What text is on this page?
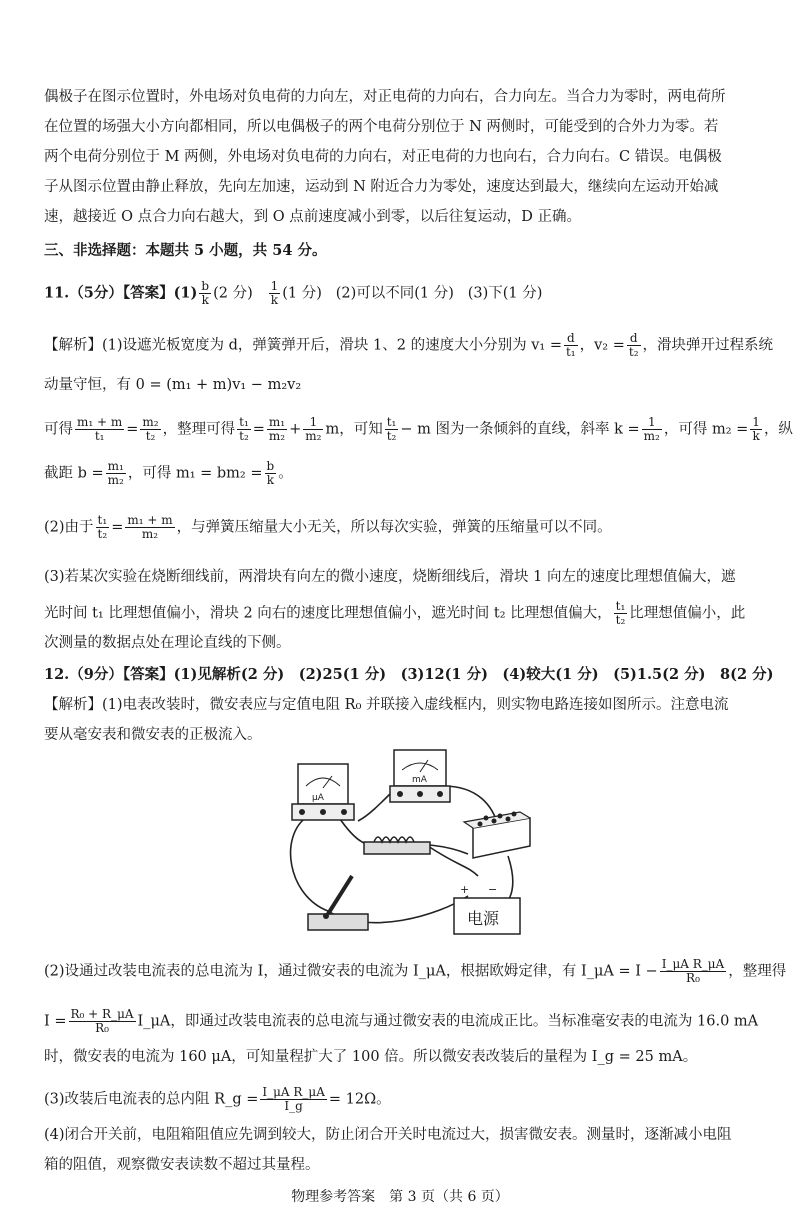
偶极子在图示位置时，外电场对负电荷的力向左，对正电荷的力向右，合力向左。当合力为零时，两电荷所
在位置的场强大小方向都相同，所以电偶极子的两个电荷分别位于 N 两侧时，可能受到的合外力为零。若
两个电荷分别位于 M 两侧，外电场对负电荷的力向右，对正电荷的力也向右，合力向右。C 错误。电偶极
子从图示位置由静止释放，先向左加速，运动到 N 附近合力为零处，速度达到最大，继续向左运动开始减
速，越接近 O 点合力向右越大，到 O 点前速度减小到零，以后往复运动，D 正确。
三、非选择题：本题共 5 小题，共 54 分。
11.（5分）【答案】$(1) \frac{b}{k} (2$ 分) $\frac{1}{k} (1$ 分) (2)可以不同(1 分) (3)下(1 分)
【解析】(1)设遮光板宽度为 d，弹簧弹开后，滑块 1、2 的速度大小分别为 $v_1 = \frac{d}{\text{t₁}}$ ，$v_2 = \frac{d}{\text{t₂}}$ ，滑块弹开过程系统
动量守恒，有 0 = (m₁ + m)v₁ − m₂v₂
可得 $\frac{\text{m₁ + m}}{\text{t₁}} = \frac{\text{m₂}}{\text{t₂}}$ ，整理可得 $\frac{\text{t₁}}{\text{t₂}} = \frac{\text{m₁}}{\text{m₂}} + \frac{1}{\text{m₂}}$ m，可知 $\frac{\text{t₁}}{\text{t₂}} - m$ 图为一条倾斜的直线，斜率 $k = \frac{1}{\text{m₂}}$ ，可得 $m_2 = \frac{1}{k}$ ，纵
截距 $b = \frac{\text{m₁}}{\text{m₂}}$ ，可得 $m_1 = bm_2 = \frac{b}{k}$ 。
(2)由于 $\frac{\text{t₁}}{\text{t₂}} = \frac{\text{m₁ + m}}{\text{m₂}}$ ，与弹簧压缩量大小无关，所以每次实验，弹簧的压缩量可以不同。
(3)若某次实验在烧断细线前，两滑块有向左的微小速度，烧断细线后，滑块 1 向左的速度比理想值偏大，遮
光时间 t₁ 比理想值偏小，滑块 2 向右的速度比理想值偏小，遮光时间 t₂ 比理想值偏大， $\frac{\text{t₁}}{\text{t₂}}$ 比理想值偏小，此
次测量的数据点处在理论直线的下侧。
12.（9分）【答案】(1)见解析(2 分)　(2)25(1 分)　(3)12(1 分)　(4)较大(1 分)　(5)1.5(2 分)　8(2 分)
【解析】(1)电表改装时，微安表应与定值电阻 R₀ 并联接入虚线框内，则实物电路连接如图所示。注意电流
要从毫安表和微安表的正极流入。
μA
mA
+ −
电源
(2)设通过改装电流表的总电流为 I，通过微安表的电流为 I_μA，根据欧姆定律，有 I_μA = $I - \frac{\text{I\_μA R\_μA}}{\text{R₀}}$ ，整理得
$I = \frac{\text{R₀ + R\_μA}}{\text{R₀}}$ I_μA，即通过改装电流表的总电流与通过微安表的电流成正比。当标准毫安表的电流为 16.0 mA
时，微安表的电流为 160 μA，可知量程扩大了 100 倍。所以微安表改装后的量程为 I_g = 25 mA。
(3)改装后电流表的总内阻 R_g = $\frac{\text{I\_μA R\_μA}}{I\_g} = 12\Omega$。
(4)闭合开关前，电阻箱阻值应先调到较大，防止闭合开关时电流过大，损害微安表。测量时，逐渐减小电阻
箱的阻值，观察微安表读数不超过其量程。
物理参考答案　第 3 页（共 6 页）
